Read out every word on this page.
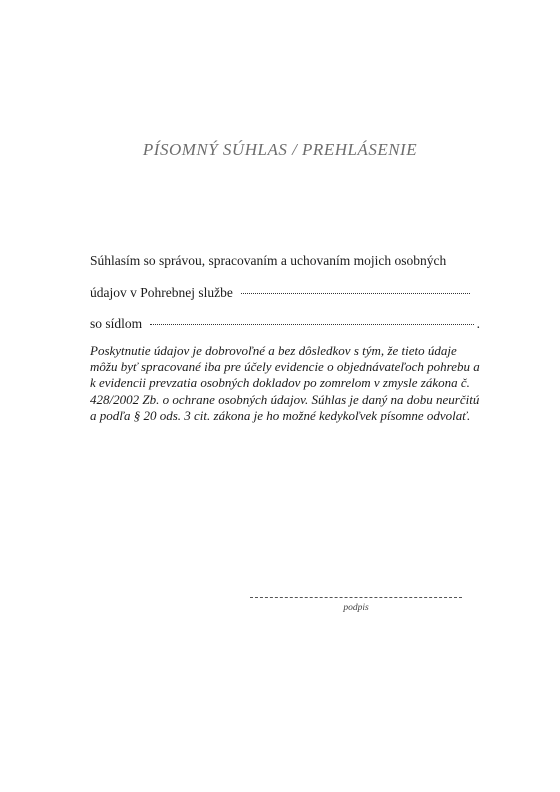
PÍSOMNÝ SÚHLAS / PREHLÁSENIE
Súhlasím so správou, spracovaním a uchovaním mojich osobných
údajov v Pohrebnej službe
so sídlom	.
Poskytnutie údajov je dobrovoľné a bez dôsledkov s tým, že tieto údaje môžu byť spracované iba pre účely evidencie o objednávateľoch pohrebu a k evidencii prevzatia osobných dokladov po zomrelom v zmysle zákona č. 428/2002 Zb. o ochrane osobných údajov. Súhlas je daný na dobu neurčitú a podľa § 20 ods. 3 cit. zákona je ho možné kedykoľvek písomne odvolať.
podpis
